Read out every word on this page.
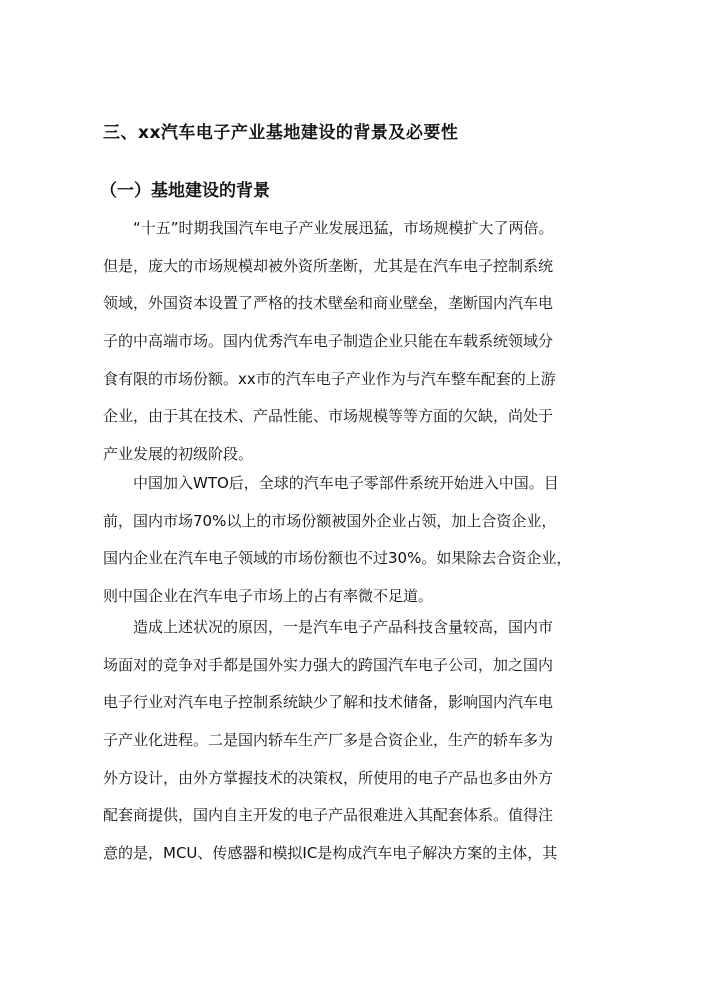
三、xx汽车电子产业基地建设的背景及必要性
（一）基地建设的背景
“十五”时期我国汽车电子产业发展迅猛，市场规模扩大了两倍。
但是，庞大的市场规模却被外资所垄断，尤其是在汽车电子控制系统
领域，外国资本设置了严格的技术壁垒和商业壁垒，垄断国内汽车电
子的中高端市场。国内优秀汽车电子制造企业只能在车载系统领域分
食有限的市场份额。xx市的汽车电子产业作为与汽车整车配套的上游
企业，由于其在技术、产品性能、市场规模等等方面的欠缺，尚处于
产业发展的初级阶段。
中国加入WTO后，全球的汽车电子零部件系统开始进入中国。目
前，国内市场70%以上的市场份额被国外企业占领，加上合资企业，
国内企业在汽车电子领域的市场份额也不过30%。如果除去合资企业，
则中国企业在汽车电子市场上的占有率微不足道。
造成上述状况的原因，一是汽车电子产品科技含量较高，国内市
场面对的竞争对手都是国外实力强大的跨国汽车电子公司，加之国内
电子行业对汽车电子控制系统缺少了解和技术储备，影响国内汽车电
子产业化进程。二是国内轿车生产厂多是合资企业，生产的轿车多为
外方设计，由外方掌握技术的决策权，所使用的电子产品也多由外方
配套商提供，国内自主开发的电子产品很难进入其配套体系。值得注
意的是，MCU、传感器和模拟IC是构成汽车电子解决方案的主体，其
